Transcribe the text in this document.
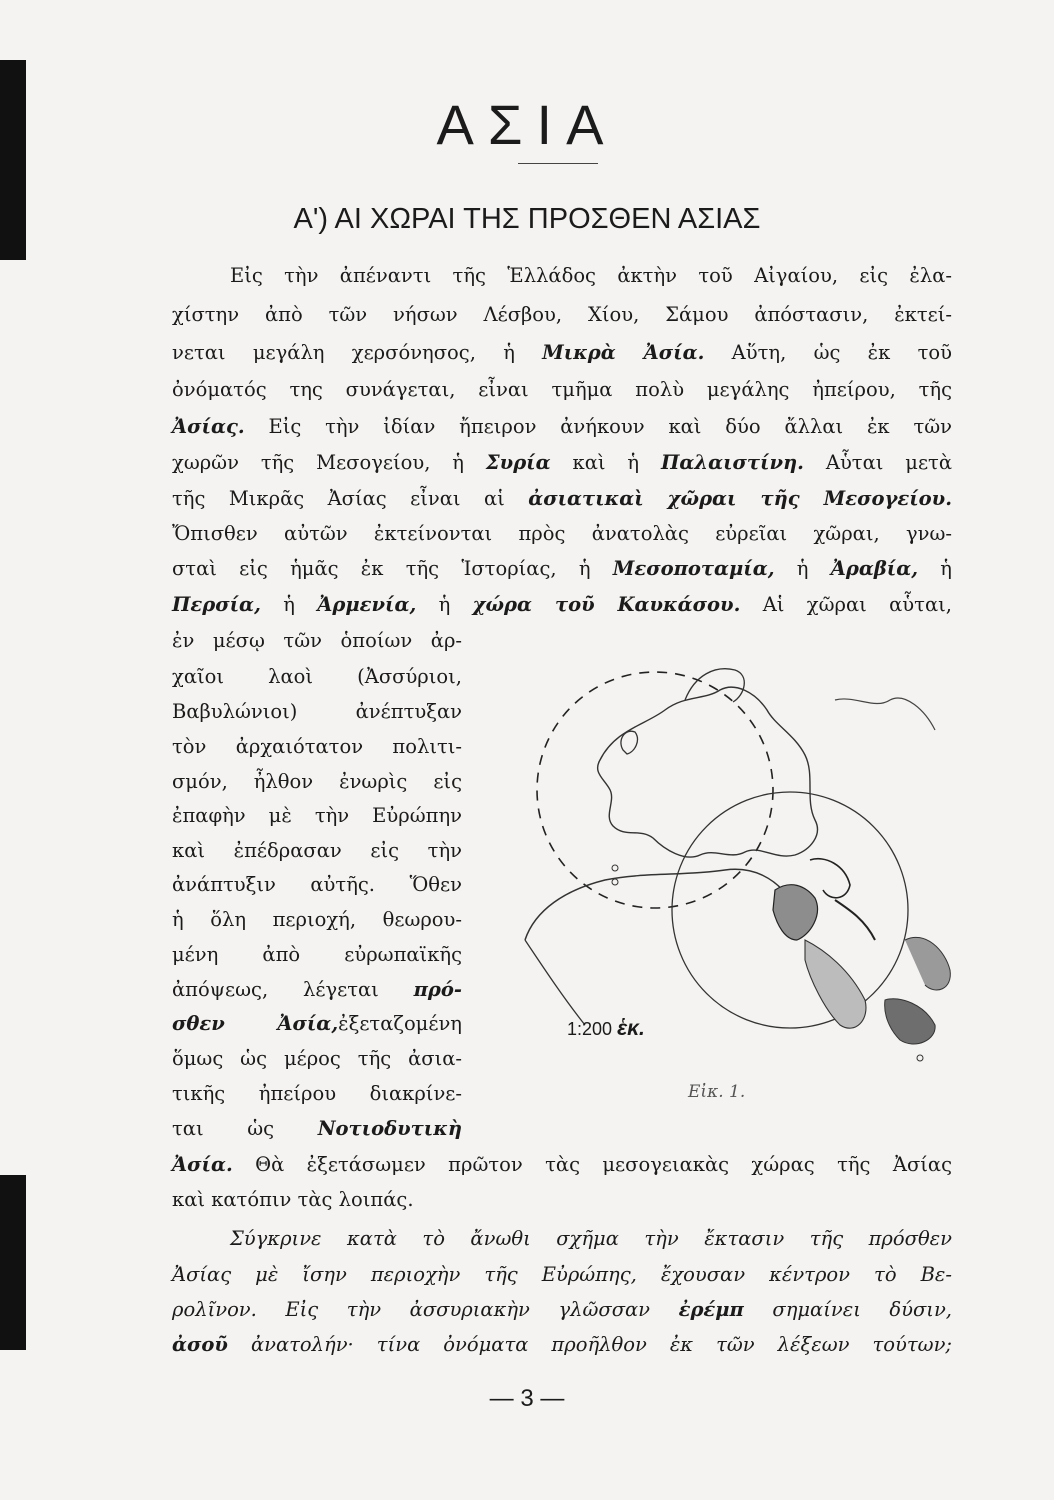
ΑΣΙΑ
Α') ΑΙ ΧΩΡΑΙ ΤΗΣ ΠΡΟΣΘΕΝ ΑΣΙΑΣ
Εἰς τὴν ἀπέναντι τῆς Ἑλλάδος ἀκτὴν τοῦ Αἰγαίου, εἰς ἐλα-
χίστην ἀπὸ τῶν νήσων Λέσβου, Χίου, Σάμου ἀπόστασιν, ἐκτεί-
νεται μεγάλη χερσόνησος, ἡ Μικρὰ Ἀσία. Αὕτη, ὡς ἐκ τοῦ
ὀνόματός της συνάγεται, εἶναι τμῆμα πολὺ μεγάλης ἠπείρου, τῆς
Ἀσίας. Εἰς τὴν ἰδίαν ἤπειρον ἀνήκουν καὶ δύο ἄλλαι ἐκ τῶν
χωρῶν τῆς Μεσογείου, ἡ Συρία καὶ ἡ Παλαιστίνη. Αὗται μετὰ
τῆς Μικρᾶς Ἀσίας εἶναι αἱ ἀσιατικαὶ χῶραι τῆς Μεσογείου.
Ὄπισθεν αὐτῶν ἐκτείνονται πρὸς ἀνατολὰς εὐρεῖαι χῶραι, γνω-
σταὶ εἰς ἡμᾶς ἐκ τῆς Ἱστορίας, ἡ Μεσοποταμία, ἡ Ἀραβία, ἡ
Περσία, ἡ Ἀρμενία, ἡ χώρα τοῦ Καυκάσου. Αἱ χῶραι αὗται,
ἐν μέσῳ τῶν ὁποίων ἀρ-
χαῖοι λαοὶ (Ἀσσύριοι,
Βαβυλώνιοι) ἀνέπτυξαν
τὸν ἀρχαιότατον πολιτι-
σμόν, ἦλθον ἐνωρὶς εἰς
ἐπαφὴν μὲ τὴν Εὐρώπην
καὶ ἐπέδρασαν εἰς τὴν
ἀνάπτυξιν αὐτῆς. Ὅθεν
ἡ ὅλη περιοχή, θεωρου-
μένη ἀπὸ εὐρωπαϊκῆς
ἀπόψεως, λέγεται πρό-
σθεν Ἀσία,ἐξεταζομένη
ὅμως ὡς μέρος τῆς ἀσια-
τικῆς ἠπείρου διακρίνε-
ται ὡς Νοτιοδυτικὴ
Ἀσία. Θὰ ἐξετάσωμεν πρῶτον τὰς μεσογειακὰς χώρας τῆς Ἀσίας
καὶ κατόπιν τὰς λοιπάς.
Σύγκρινε κατὰ τὸ ἄνωθι σχῆμα τὴν ἔκτασιν τῆς πρόσθεν
Ἀσίας μὲ ἴσην περιοχὴν τῆς Εὐρώπης, ἔχουσαν κέντρον τὸ Βε-
ρολῖνον. Εἰς τὴν ἀσσυριακὴν γλῶσσαν ἐρέμπ σημαίνει δύσιν,
ἀσοῦ ἀνατολήν· τίνα ὀνόματα προῆλθον ἐκ τῶν λέξεων τούτων;
1:200 ἑκ.
Εἰκ. 1.
— 3 —
